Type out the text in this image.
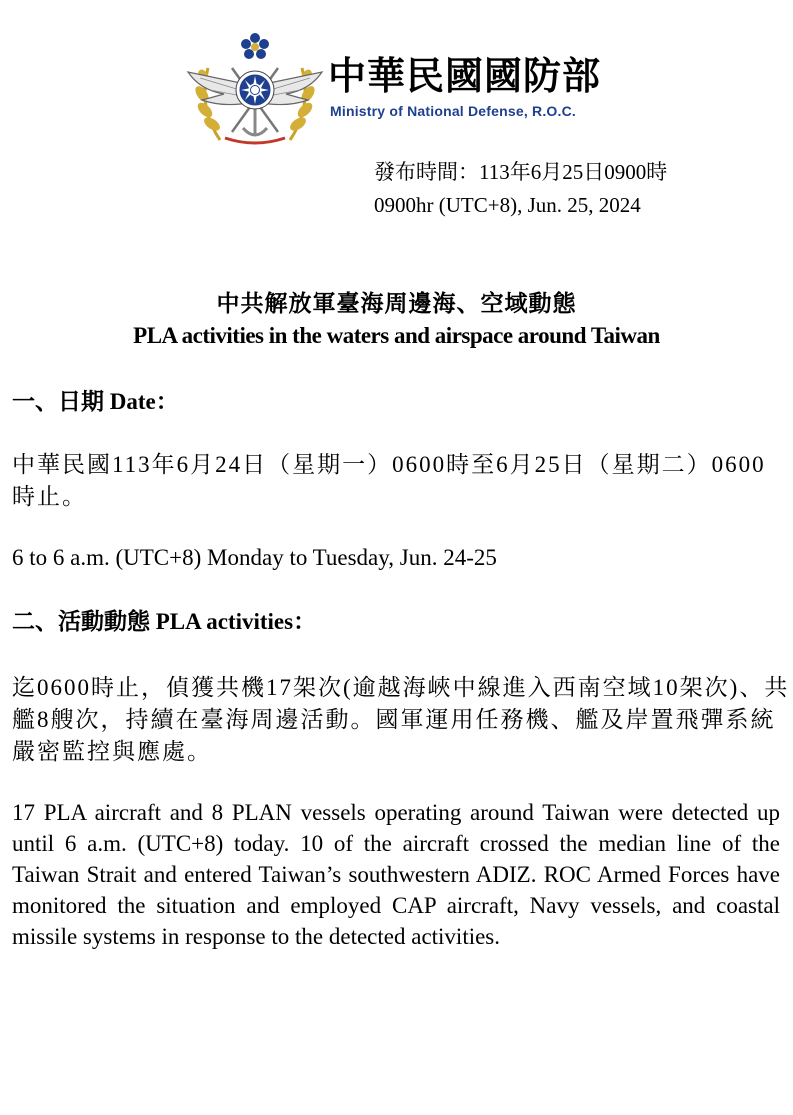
中華民國國防部
Ministry of National Defense, R.O.C.
發布時間：113年6月25日0900時
0900hr (UTC+8), Jun. 25, 2024
中共解放軍臺海周邊海、空域動態
PLA activities in the waters and airspace around Taiwan
一、日期 Date：
中華民國113年6月24日（星期一）0600時至6月25日（星期二）0600時止。
6 to 6 a.m. (UTC+8) Monday to Tuesday, Jun. 24-25
二、活動動態 PLA activities：
迄0600時止，偵獲共機17架次(逾越海峽中線進入西南空域10架次)、共艦8艘次，持續在臺海周邊活動。國軍運用任務機、艦及岸置飛彈系統嚴密監控與應處。
17 PLA aircraft and 8 PLAN vessels operating around Taiwan were detected up until 6 a.m. (UTC+8) today. 10 of the aircraft crossed the median line of the Taiwan Strait and entered Taiwan’s southwestern ADIZ. ROC Armed Forces have monitored the situation and employed CAP aircraft, Navy vessels, and coastal missile systems in response to the detected activities.
